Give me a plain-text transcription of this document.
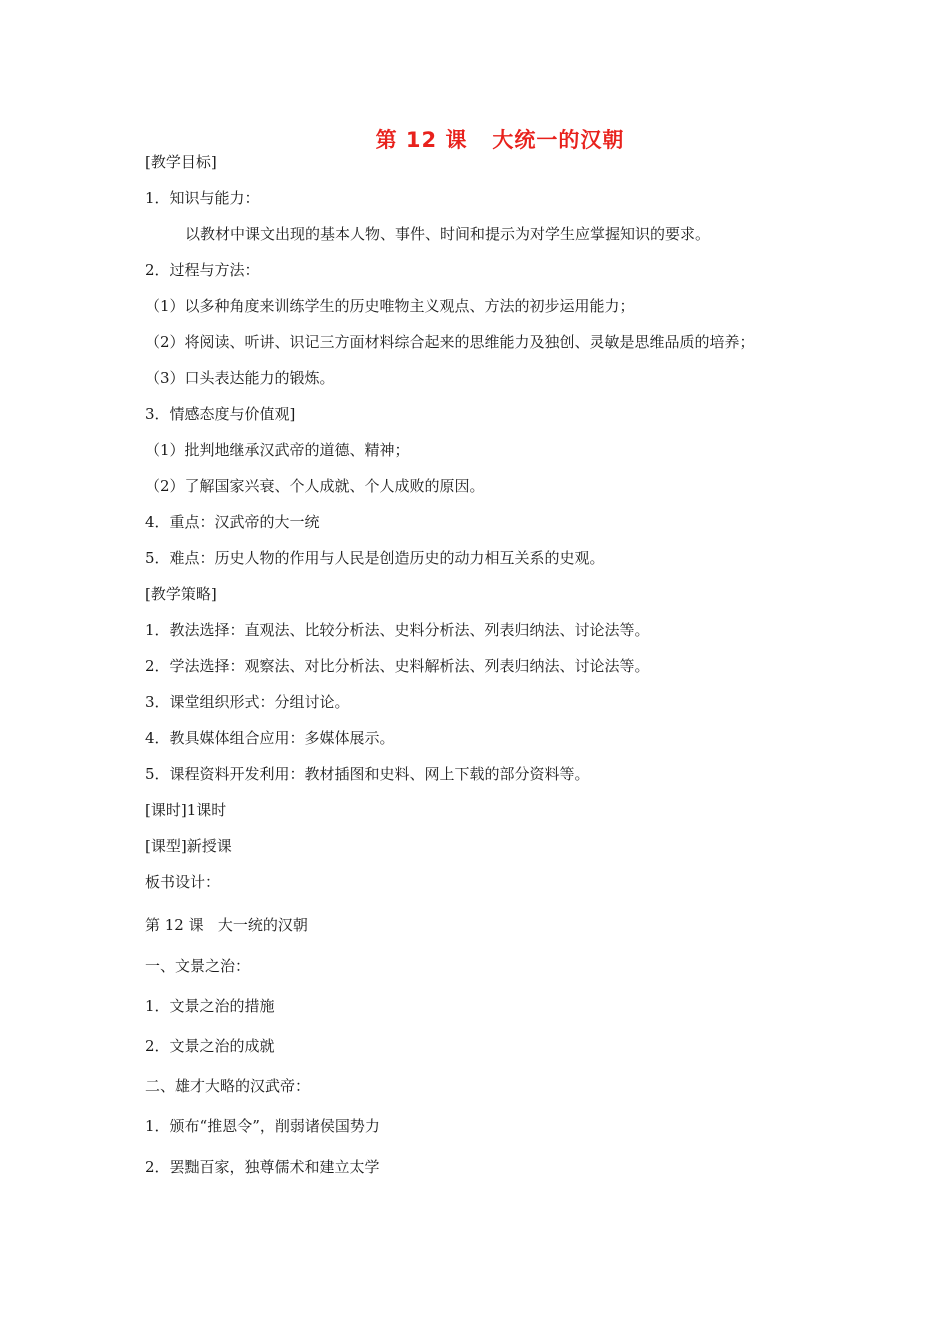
第 12 课   大统一的汉朝
[教学目标]
1．知识与能力：
以教材中课文出现的基本人物、事件、时间和提示为对学生应掌握知识的要求。
2．过程与方法：
（1）以多种角度来训练学生的历史唯物主义观点、方法的初步运用能力；
（2）将阅读、听讲、识记三方面材料综合起来的思维能力及独创、灵敏是思维品质的培养；
（3）口头表达能力的锻炼。
3．情感态度与价值观]
（1）批判地继承汉武帝的道德、精神；
（2）了解国家兴衰、个人成就、个人成败的原因。
4．重点：汉武帝的大一统
5．难点：历史人物的作用与人民是创造历史的动力相互关系的史观。
[教学策略]
1．教法选择：直观法、比较分析法、史料分析法、列表归纳法、讨论法等。
2．学法选择：观察法、对比分析法、史料解析法、列表归纳法、讨论法等。
3．课堂组织形式：分组讨论。
4．教具媒体组合应用：多媒体展示。
5．课程资料开发利用：教材插图和史料、网上下载的部分资料等。
[课时]1课时
[课型]新授课
板书设计：
第 12 课   大一统的汉朝
一、文景之治：
1．文景之治的措施
2．文景之治的成就
二、雄才大略的汉武帝：
1．颁布“推恩令”，削弱诸侯国势力
2．罢黜百家，独尊儒术和建立太学
